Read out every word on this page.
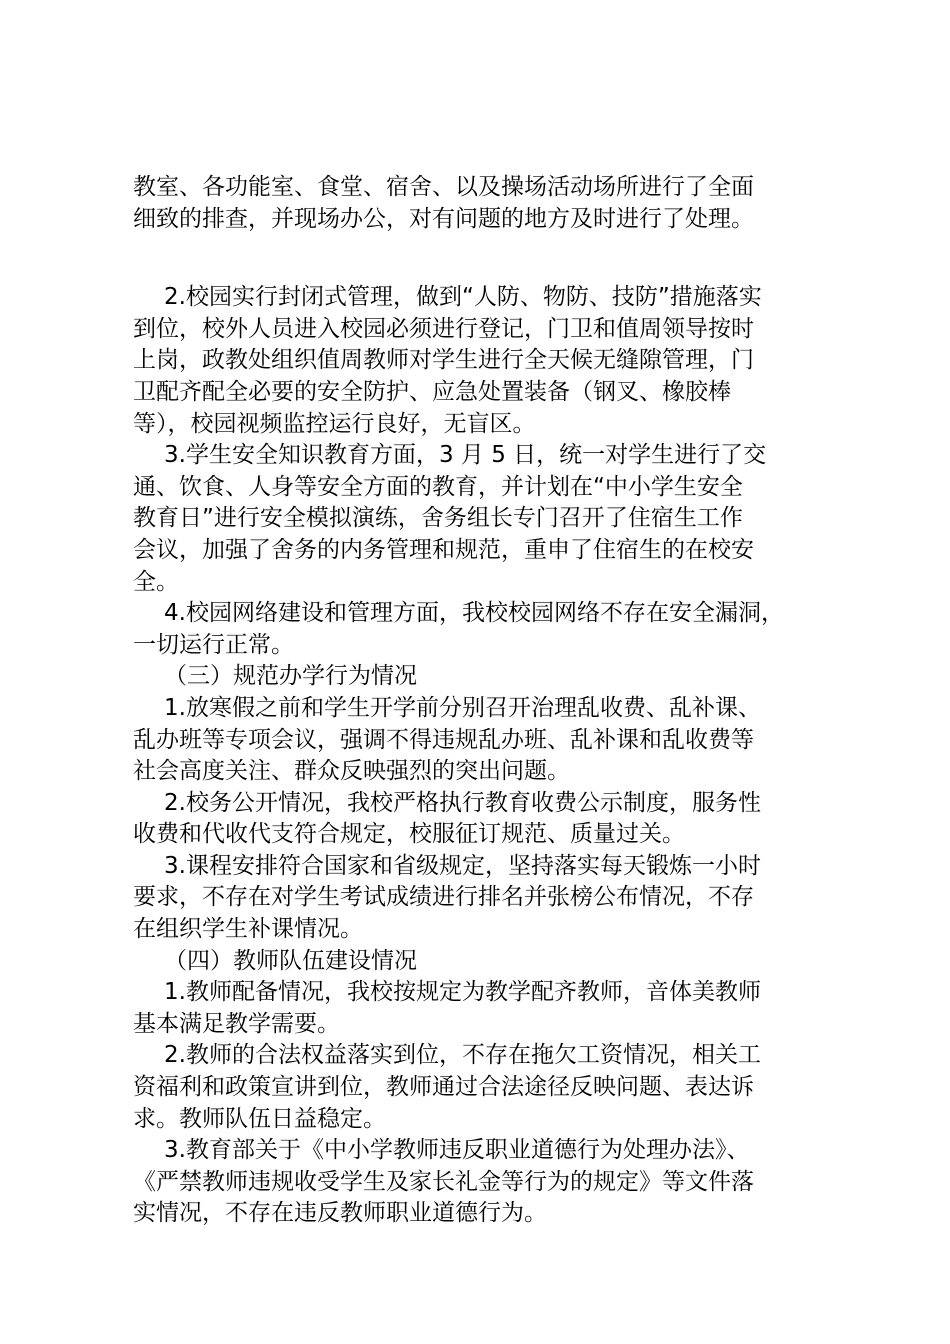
教室、各功能室、食堂、宿舍、以及操场活动场所进行了全面

细致的排查，并现场办公，对有问题的地方及时进行了处理。

2.校园实行封闭式管理，做到“人防、物防、技防”措施落实

到位，校外人员进入校园必须进行登记，门卫和值周领导按时

上岗，政教处组织值周教师对学生进行全天候无缝隙管理，门

卫配齐配全必要的安全防护、应急处置装备（钢叉、橡胶棒

等），校园视频监控运行良好，无盲区。

3.学生安全知识教育方面，3 月 5 日，统一对学生进行了交

通、饮食、人身等安全方面的教育，并计划在“中小学生安全

教育日”进行安全模拟演练，舍务组长专门召开了住宿生工作

会议，加强了舍务的内务管理和规范，重申了住宿生的在校安

全。

4.校园网络建设和管理方面，我校校园网络不存在安全漏洞，

一切运行正常。

（三）规范办学行为情况

1.放寒假之前和学生开学前分别召开治理乱收费、乱补课、

乱办班等专项会议，强调不得违规乱办班、乱补课和乱收费等

社会高度关注、群众反映强烈的突出问题。

2.校务公开情况，我校严格执行教育收费公示制度，服务性

收费和代收代支符合规定，校服征订规范、质量过关。

3.课程安排符合国家和省级规定，坚持落实每天锻炼一小时

要求，不存在对学生考试成绩进行排名并张榜公布情况，不存

在组织学生补课情况。

（四）教师队伍建设情况

1.教师配备情况，我校按规定为教学配齐教师，音体美教师

基本满足教学需要。

2.教师的合法权益落实到位，不存在拖欠工资情况，相关工

资福利和政策宣讲到位，教师通过合法途径反映问题、表达诉

求。教师队伍日益稳定。

3.教育部关于《中小学教师违反职业道德行为处理办法》、

《严禁教师违规收受学生及家长礼金等行为的规定》等文件落

实情况，不存在违反教师职业道德行为。
